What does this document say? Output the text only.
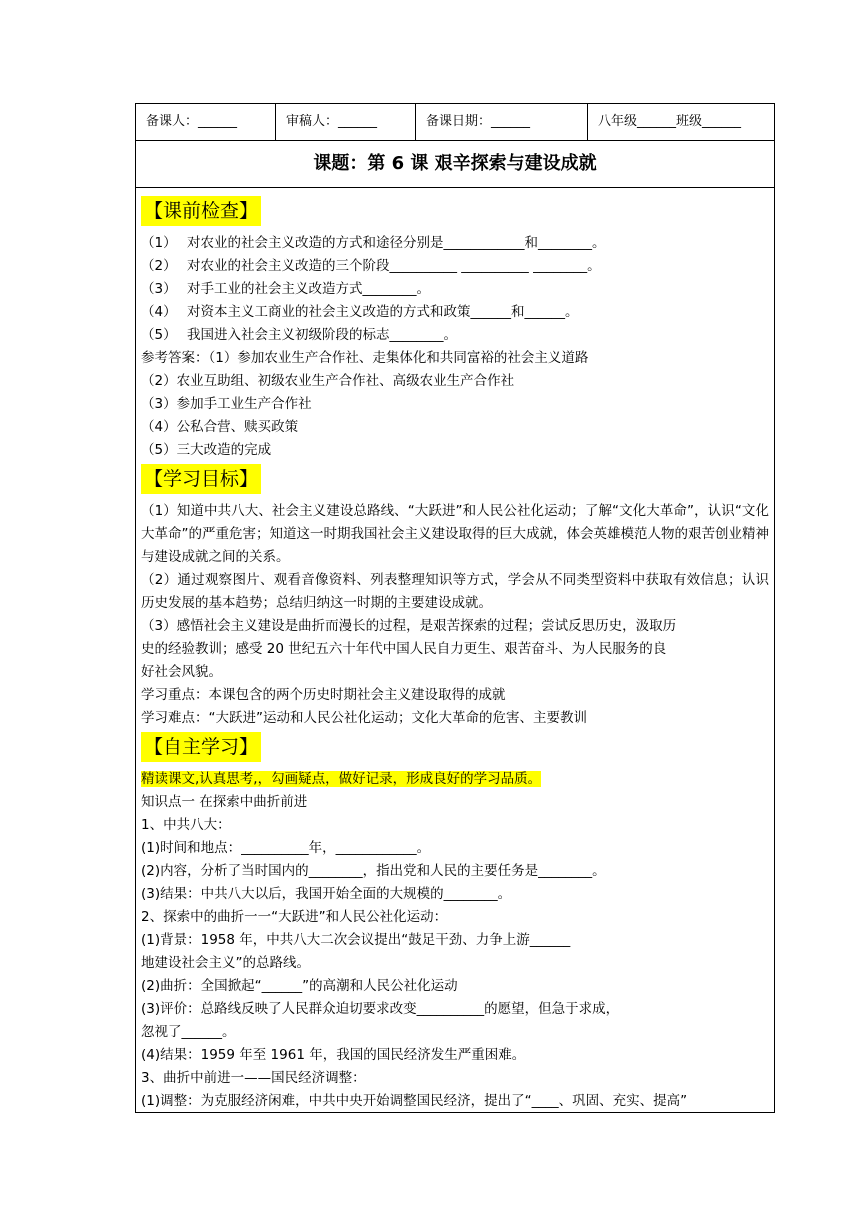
备课人：______	审稿人：______	备课日期：______	八年级______班级______
课题：第 6 课 艰辛探索与建设成就
【课前检查】
（1） 对农业的社会主义改造的方式和途径分别是____________和________。
（2） 对农业的社会主义改造的三个阶段__________ __________ ________。
（3） 对手工业的社会主义改造方式________。
（4） 对资本主义工商业的社会主义改造的方式和政策______和______。
（5） 我国进入社会主义初级阶段的标志________。
参考答案：（1）参加农业生产合作社、走集体化和共同富裕的社会主义道路
（2）农业互助组、初级农业生产合作社、高级农业生产合作社
（3）参加手工业生产合作社
（4）公私合营、赎买政策
（5）三大改造的完成
【学习目标】
（1）知道中共八大、社会主义建设总路线、“大跃进”和人民公社化运动；了解“文化大革命”，认识“文化大革命”的严重危害；知道这一时期我国社会主义建设取得的巨大成就，体会英雄模范人物的艰苦创业精神与建设成就之间的关系。
（2）通过观察图片、观看音像资料、列表整理知识等方式，学会从不同类型资料中获取有效信息；认识历史发展的基本趋势；总结归纳这一时期的主要建设成就。
（3）感悟社会主义建设是曲折而漫长的过程，是艰苦探索的过程；尝试反思历史，汲取历
史的经验教训；感受 20 世纪五六十年代中国人民自力更生、艰苦奋斗、为人民服务的良
好社会风貌。
学习重点：本课包含的两个历史时期社会主义建设取得的成就
学习难点：“大跃进”运动和人民公社化运动；文化大革命的危害、主要教训
【自主学习】
精读课文,认真思考,，勾画疑点，做好记录，形成良好的学习品质。
知识点一 在探索中曲折前进
1、中共八大：
(1)时间和地点：__________年，____________。
(2)内容，分析了当时国内的________，指出党和人民的主要任务是________。
(3)结果：中共八大以后，我国开始全面的大规模的________。
2、探索中的曲折一一“大跃进”和人民公社化运动：
(1)背景：1958 年，中共八大二次会议提出“鼓足干劲、力争上游______
地建设社会主义”的总路线。
(2)曲折：全国掀起“______”的高潮和人民公社化运动
(3)评价：总路线反映了人民群众迫切要求改变__________的愿望，但急于求成，
忽视了______。
(4)结果：1959 年至 1961 年，我国的国民经济发生严重困难。
3、曲折中前进一——国民经济调整：
(1)调整：为克服经济闲难，中共中央开始调整国民经济，提出了“____、巩固、充实、提高”
